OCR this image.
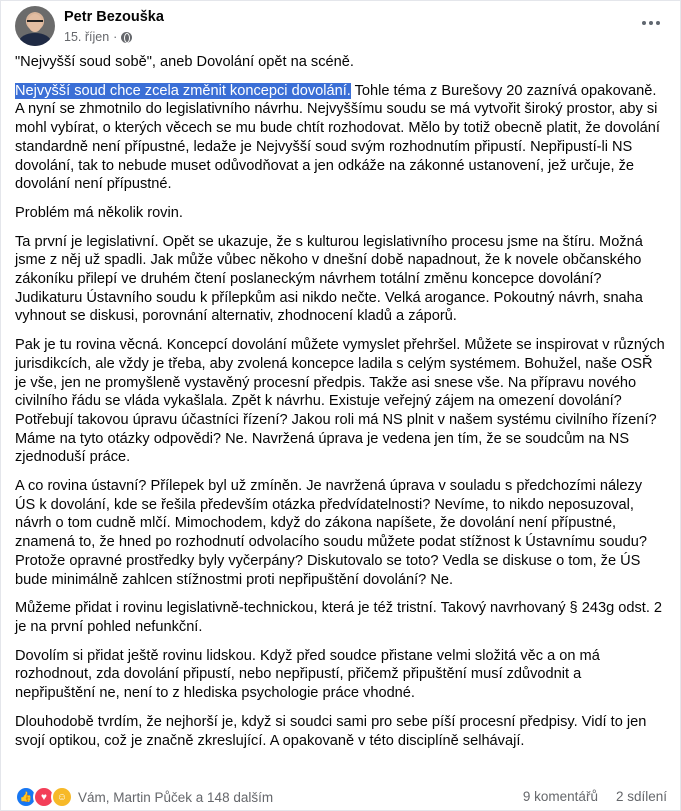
Petr Bezouška
15. říjen ·

"Nejvyšší soud sobě", aneb Dovolání opět na scéně.

Nejvyšší soud chce zcela změnit koncepci dovolání. Tohle téma z Burešovy 20 zaznívá opakovaně. A nyní se zhmotnilo do legislativního návrhu. Nejvyššímu soudu se má vytvořit široký prostor, aby si mohl vybírat, o kterých věcech se mu bude chtít rozhodovat. Mělo by totiž obecně platit, že dovolání standardně není přípustné, ledaže je Nejvyšší soud svým rozhodnutím připustí. Nepřipustí-li NS dovolání, tak to nebude muset odůvodňovat a jen odkáže na zákonné ustanovení, jež určuje, že dovolání není přípustné.

Problém má několik rovin.

Ta první je legislativní. Opět se ukazuje, že s kulturou legislativního procesu jsme na štíru. Možná jsme z něj už spadli. Jak může vůbec někoho v dnešní době napadnout, že k novele občanského zákoníku přilepí ve druhém čtení poslaneckým návrhem totální změnu koncepce dovolání? Judikaturu Ústavního soudu k přílepkům asi nikdo nečte. Velká arogance. Pokoutný návrh, snaha vyhnout se diskusi, porovnání alternativ, zhodnocení kladů a záporů.

Pak je tu rovina věcná. Koncepcí dovolání můžete vymyslet přehršel. Můžete se inspirovat v různých jurisdikcích, ale vždy je třeba, aby zvolená koncepce ladila s celým systémem. Bohužel, naše OSŘ je vše, jen ne promyšleně vystavěný procesní předpis. Takže asi snese vše. Na přípravu nového civilního řádu se vláda vykašlala. Zpět k návrhu. Existuje veřejný zájem na omezení dovolání? Potřebují takovou úpravu účastníci řízení? Jakou roli má NS plnit v našem systému civilního řízení? Máme na tyto otázky odpovědi? Ne. Navržená úprava je vedena jen tím, že se soudcům na NS zjednoduší práce.

A co rovina ústavní? Přílepek byl už zmíněn. Je navržená úprava v souladu s předchozími nálezy ÚS k dovolání, kde se řešila především otázka předvídatelnosti? Nevíme, to nikdo neposuzoval, návrh o tom cudně mlčí. Mimochodem, když do zákona napíšete, že dovolání není přípustné, znamená to, že hned po rozhodnutí odvolacího soudu můžete podat stížnost k Ústavnímu soudu? Protože opravné prostředky byly vyčerpány? Diskutovalo se toto? Vedla se diskuse o tom, že ÚS bude minimálně zahlcen stížnostmi proti nepřipuštění dovolání? Ne.

Můžeme přidat i rovinu legislativně-technickou, která je též tristní. Takový navrhovaný § 243g odst. 2 je na první pohled nefunkční.

Dovolím si přidat ještě rovinu lidskou. Když před soudce přistane velmi složitá věc a on má rozhodnout, zda dovolání připustí, nebo nepřipustí, přičemž připuštění musí zdůvodnit a nepřipuštění ne, není to z hlediska psychologie práce vhodné.

Dlouhodobě tvrdím, že nejhorší je, když si soudci sami pro sebe píší procesní předpisy. Vidí to jen svojí optikou, což je značně zkreslující. A opakovaně v této disciplíně selhávají.

👍 ♥ ☺ Vám, Martin Půček a 148 dalším	9 komentářů 2 sdílení
